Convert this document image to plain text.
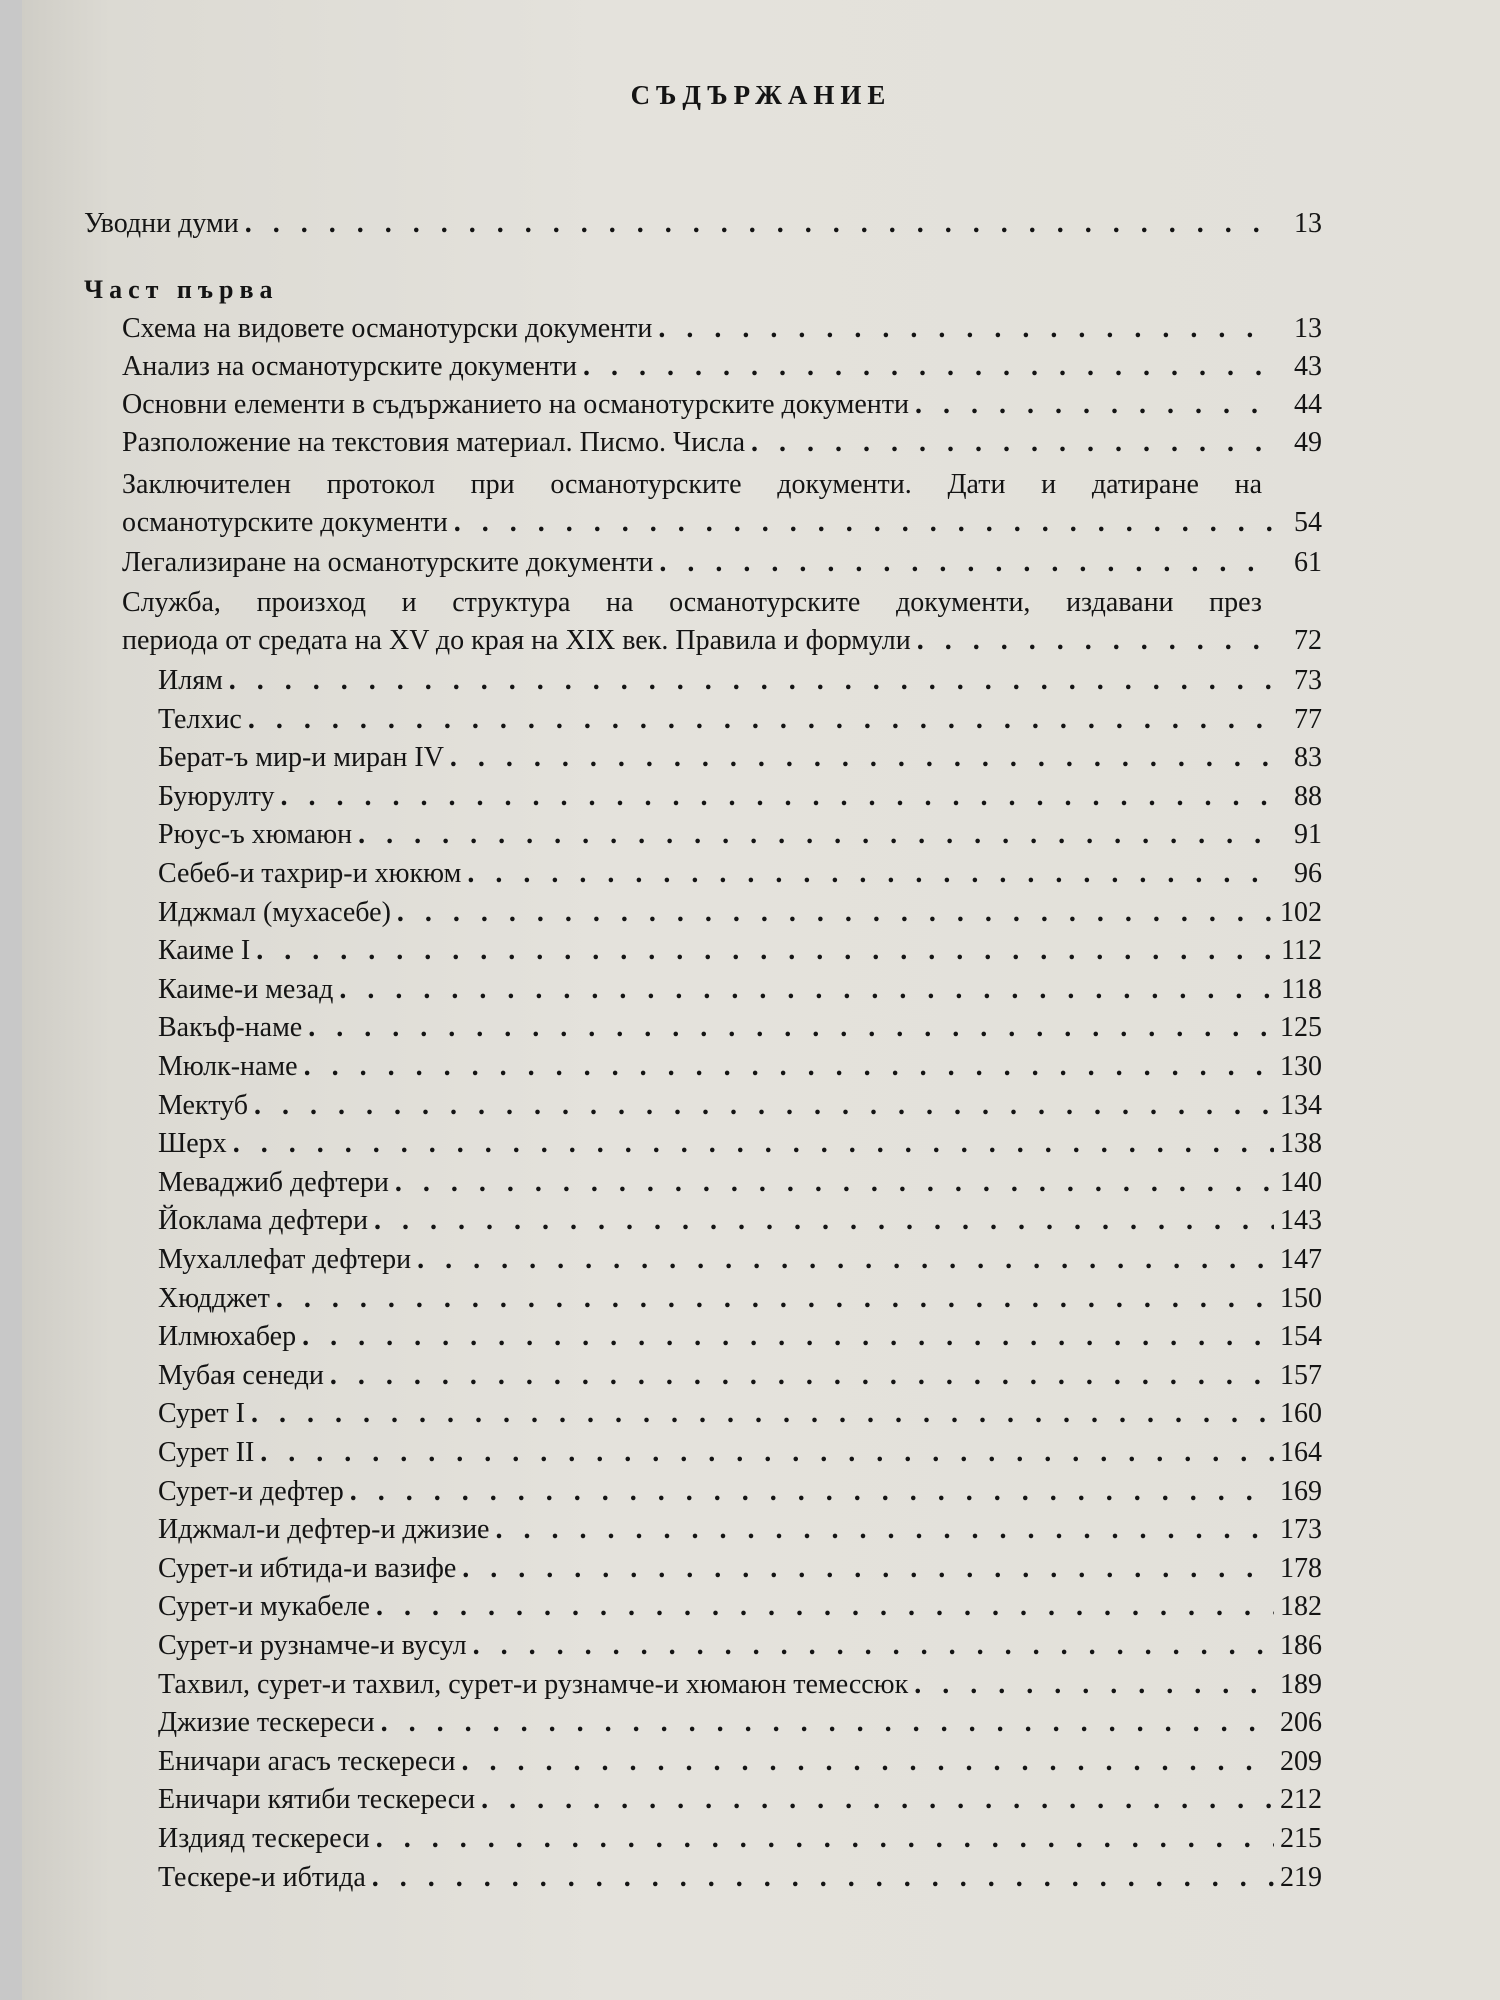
СЪДЪРЖАНИЕ
Уводни думи . . .	13
Част първа
Схема на видовете османотурски документи . . .	13
Анализ на османотурските документи . . .	43
Основни елементи в съдържанието на османотурските документи . . .	44
Разположение на текстовия материал. Писмо. Числа . . .	49
Заключителен протокол при османотурските документи. Дати и датиране на
османотурските документи . . .	54
Легализиране на османотурските документи . . .	61
Служба, произход и структура на османотурските документи, издавани през
периода от средата на XV до края на XIX век. Правила и формули . . .	72
Илям . . .	73
Телхис . . .	77
Берат-ъ мир-и миран IV . . .	83
Буюрулту . . .	88
Рюус-ъ хюмаюн . . .	91
Себеб-и тахрир-и хюкюм . . .	96
Иджмал (мухасебе) . . .	102
Каиме I . . .	112
Каиме-и мезад . . .	118
Вакъф-наме . . .	125
Мюлк-наме . . .	130
Мектуб . . .	134
Шерх . . .	138
Меваджиб дефтери . . .	140
Йоклама дефтери . . .	143
Мухаллефат дефтери . . .	147
Хюдджет . . .	150
Илмюхабер . . .	154
Мубая сенеди . . .	157
Сурет I . . .	160
Сурет II . . .	164
Сурет-и дефтер . . .	169
Иджмал-и дефтер-и джизие . . .	173
Сурет-и ибтида-и вазифе . . .	178
Сурет-и мукабеле . . .	182
Сурет-и рузнамче-и вусул . . .	186
Тахвил, сурет-и тахвил, сурет-и рузнамче-и хюмаюн темессюк . . .	189
Джизие тескереси . . .	206
Еничари агасъ тескереси . . .	209
Еничари кятиби тескереси . . .	212
Издияд тескереси . . .	215
Тескере-и ибтида . . .	219
